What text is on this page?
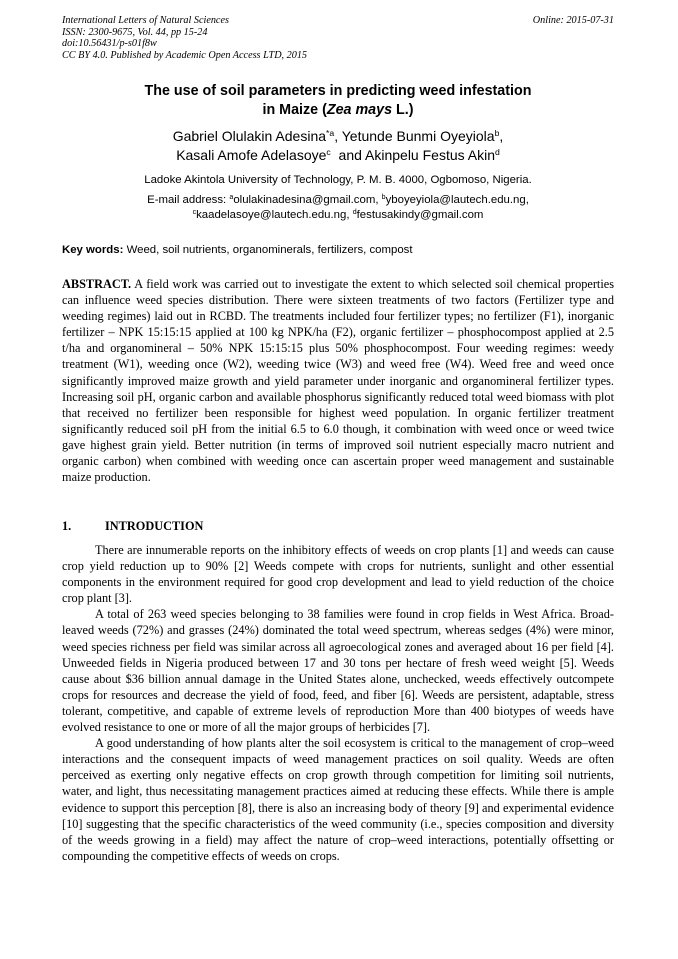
International Letters of Natural Sciences
ISSN: 2300-9675, Vol. 44, pp 15-24
doi:10.56431/p-s01f8w
CC BY 4.0. Published by Academic Open Access LTD, 2015
Online: 2015-07-31
The use of soil parameters in predicting weed infestation
in Maize (Zea mays L.)
Gabriel Olulakin Adesina$^{*a}$, Yetunde Bunmi Oyeyiola$^b$,
Kasali Amofe Adelasoye$^c$  and Akinpelu Festus Akin$^d$
Ladoke Akintola University of Technology, P. M. B. 4000, Ogbomoso, Nigeria.
E-mail address: $^a$olulakinadesina@gmail.com, $^b$yboyeyiola@lautech.edu.ng,
$^c$kaadelasoye@lautech.edu.ng, $^d$festusakindy@gmail.com
Key words: Weed, soil nutrients, organominerals, fertilizers, compost
ABSTRACT. A field work was carried out to investigate the extent to which selected soil chemical properties can influence weed species distribution. There were sixteen treatments of two factors (Fertilizer type and weeding regimes) laid out in RCBD. The treatments included four fertilizer types; no fertilizer (F1), inorganic fertilizer – NPK 15:15:15 applied at 100 kg NPK/ha (F2), organic fertilizer – phosphocompost applied at 2.5 t/ha and organomineral – 50% NPK 15:15:15 plus 50% phosphocompost. Four weeding regimes: weedy treatment (W1), weeding once (W2), weeding twice (W3) and weed free (W4). Weed free and weed once significantly improved maize growth and yield parameter under inorganic and organomineral fertilizer types. Increasing soil pH, organic carbon and available phosphorus significantly reduced total weed biomass with plot that received no fertilizer been responsible for highest weed population. In organic fertilizer treatment significantly reduced soil pH from the initial 6.5 to 6.0 though, it combination with weed once or weed twice gave highest grain yield. Better nutrition (in terms of improved soil nutrient especially macro nutrient and organic carbon) when combined with weeding once can ascertain proper weed management and sustainable maize production.
1.	INTRODUCTION

There are innumerable reports on the inhibitory effects of weeds on crop plants [1] and weeds can cause crop yield reduction up to 90% [2] Weeds compete with crops for nutrients, sunlight and other essential components in the environment required for good crop development and lead to yield reduction of the choice crop plant [3].

A total of 263 weed species belonging to 38 families were found in crop fields in West Africa. Broad-leaved weeds (72%) and grasses (24%) dominated the total weed spectrum, whereas sedges (4%) were minor, weed species richness per field was similar across all agroecological zones and averaged about 16 per field [4]. Unweeded fields in Nigeria produced between 17 and 30 tons per hectare of fresh weed weight [5]. Weeds cause about $36 billion annual damage in the United States alone, unchecked, weeds effectively outcompete crops for resources and decrease the yield of food, feed, and fiber [6]. Weeds are persistent, adaptable, stress tolerant, competitive, and capable of extreme levels of reproduction More than 400 biotypes of weeds have evolved resistance to one or more of all the major groups of herbicides [7].

A good understanding of how plants alter the soil ecosystem is critical to the management of crop–weed interactions and the consequent impacts of weed management practices on soil quality. Weeds are often perceived as exerting only negative effects on crop growth through competition for limiting soil nutrients, water, and light, thus necessitating management practices aimed at reducing these effects. While there is ample evidence to support this perception [8], there is also an increasing body of theory [9] and experimental evidence [10] suggesting that the specific characteristics of the weed community (i.e., species composition and diversity of the weeds growing in a field) may affect the nature of crop–weed interactions, potentially offsetting or compounding the competitive effects of weeds on crops.
